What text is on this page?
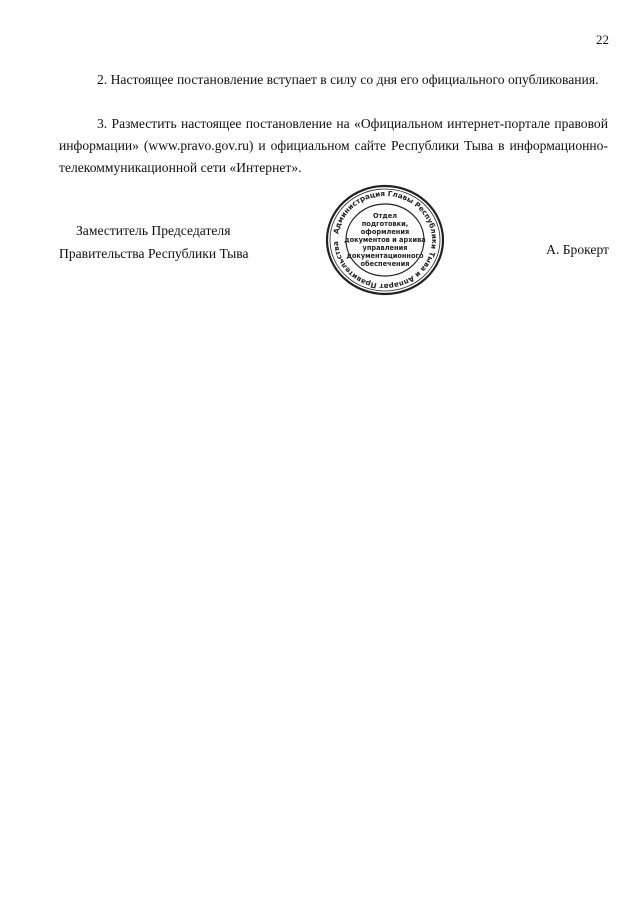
22

2. Настоящее постановление вступает в силу со дня его официального опубликования.

3. Разместить настоящее постановление на «Официальном интернет-портале правовой информации» (www.pravo.gov.ru) и официальном сайте Республики Тыва в информационно-телекоммуникационной сети «Интернет».

Заместитель Председателя
Правительства Республики Тыва	А. Брокерт
Администрация Главы Республики Тыва и Аппарат Правительства
Отдел
подготовки,
оформления
документов и архива
управления
документационного
обеспечения
